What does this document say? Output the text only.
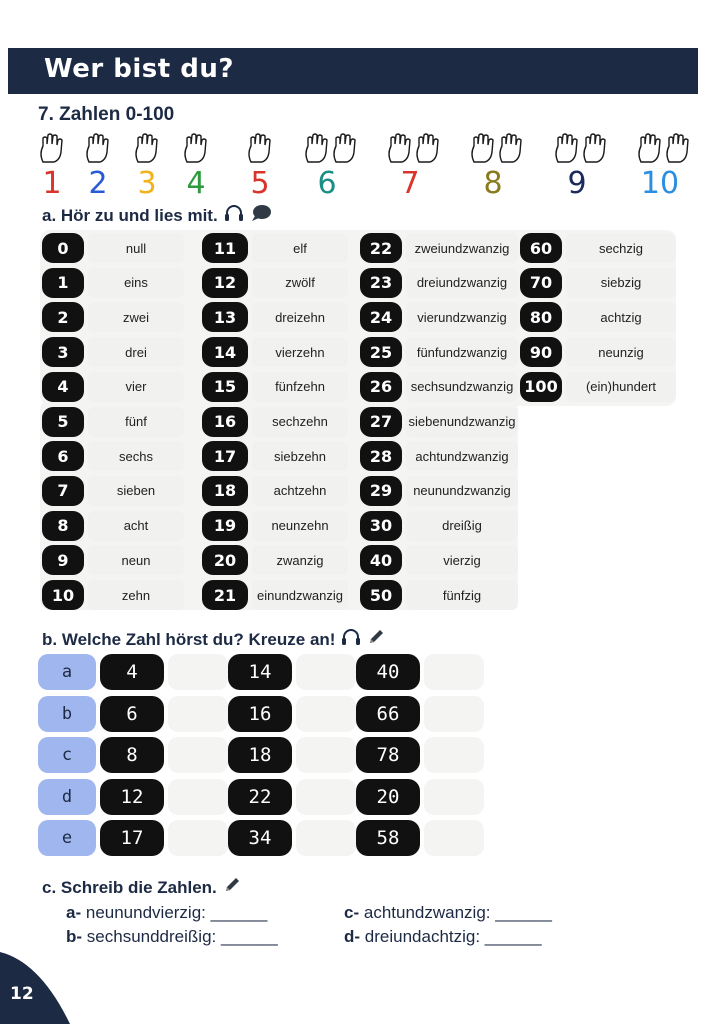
Wer bist du?
7. Zahlen 0-100
1 2 3 4	5	6	7	8	9	10
a. Hör zu und lies mit.
0	null
1	eins
2	zwei
3	drei
4	vier
5	fünf
6	sechs
7	sieben
8	acht
9	neun
10	zehn
11	elf
12	zwölf
13	dreizehn
14	vierzehn
15	fünfzehn
16	sechzehn
17	siebzehn
18	achtzehn
19	neunzehn
20	zwanzig
21	einundzwanzig
22	zweiundzwanzig
23	dreiundzwanzig
24	vierundzwanzig
25	fünfundzwanzig
26	sechsundzwanzig
27	siebenundzwanzig
28	achtundzwanzig
29	neunundzwanzig
30	dreißig
40	vierzig
50	fünfzig
60	sechzig
70	siebzig
80	achtzig
90	neunzig
100	(ein)hundert
b. Welche Zahl hörst du? Kreuze an!
a	4	14	40
b	6	16	66
c	8	18	78
d	12	22	20
e	17	34	58
c. Schreib die Zahlen.
a- neunundvierzig: ______	c- achtundzwanzig: ______
b- sechsunddreißig: ______	d- dreiundachtzig: ______
12
